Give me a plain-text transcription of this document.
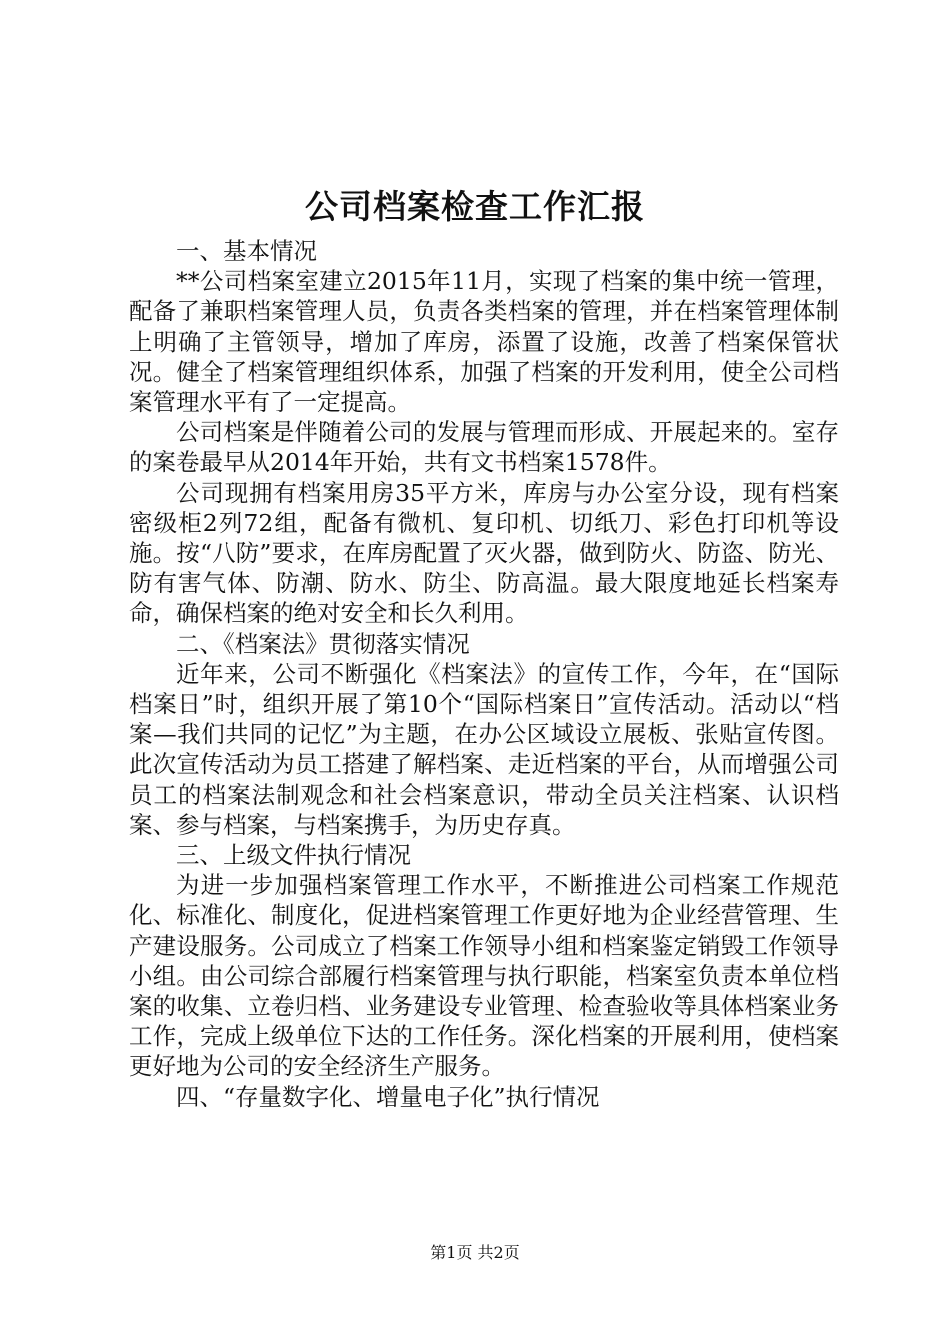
公司档案检查工作汇报

一、基本情况

**公司档案室建立2015年11月，实现了档案的集中统一管理，配备了兼职档案管理人员，负责各类档案的管理，并在档案管理体制上明确了主管领导，增加了库房，添置了设施，改善了档案保管状况。健全了档案管理组织体系，加强了档案的开发利用，使全公司档案管理水平有了一定提高。

公司档案是伴随着公司的发展与管理而形成、开展起来的。室存的案卷最早从2014年开始，共有文书档案1578件。

公司现拥有档案用房35平方米，库房与办公室分设，现有档案密级柜2列72组，配备有微机、复印机、切纸刀、彩色打印机等设施。按“八防”要求，在库房配置了灭火器，做到防火、防盗、防光、防有害气体、防潮、防水、防尘、防高温。最大限度地延长档案寿命，确保档案的绝对安全和长久利用。

二、《档案法》贯彻落实情况

近年来，公司不断强化《档案法》的宣传工作，今年，在“国际档案日”时，组织开展了第10个“国际档案日”宣传活动。活动以“档案—我们共同的记忆”为主题，在办公区域设立展板、张贴宣传图。此次宣传活动为员工搭建了解档案、走近档案的平台，从而增强公司员工的档案法制观念和社会档案意识，带动全员关注档案、认识档案、参与档案，与档案携手，为历史存真。

三、上级文件执行情况

为进一步加强档案管理工作水平，不断推进公司档案工作规范化、标准化、制度化，促进档案管理工作更好地为企业经营管理、生产建设服务。公司成立了档案工作领导小组和档案鉴定销毁工作领导小组。由公司综合部履行档案管理与执行职能，档案室负责本单位档案的收集、立卷归档、业务建设专业管理、检查验收等具体档案业务工作，完成上级单位下达的工作任务。深化档案的开展利用，使档案更好地为公司的安全经济生产服务。

四、“存量数字化、增量电子化”执行情况

第1页 共2页
